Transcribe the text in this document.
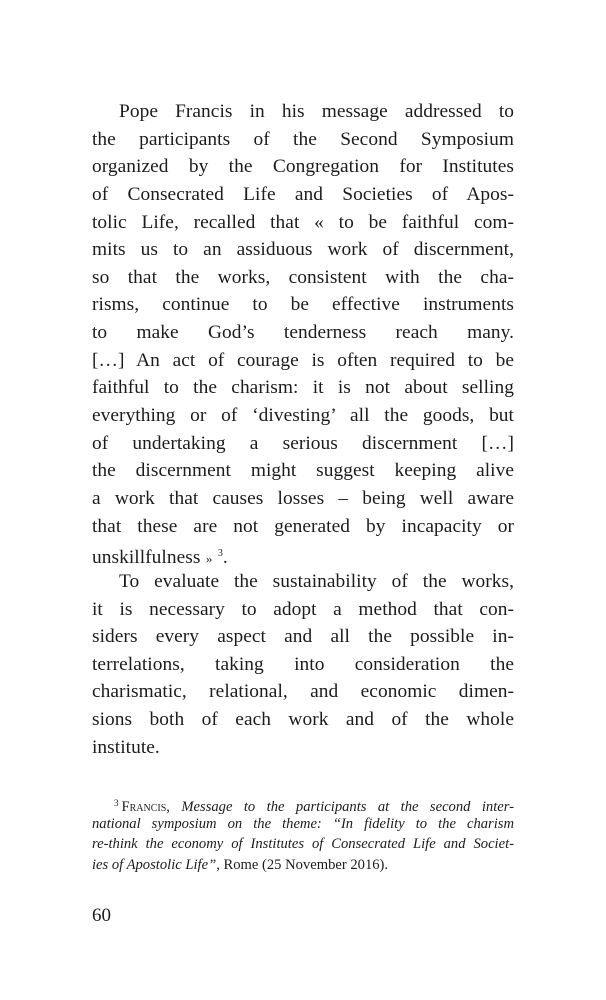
Pope Francis in his message addressed to
the participants of the Second Symposium
organized by the Congregation for Institutes
of Consecrated Life and Societies of Apos-
tolic Life, recalled that « to be faithful com-
mits us to an assiduous work of discernment,
so that the works, consistent with the cha-
risms, continue to be effective instruments
to make God’s tenderness reach many.
[…] An act of courage is often required to be
faithful to the charism: it is not about selling
everything or of ‘divesting’ all the goods, but
of undertaking a serious discernment […]
the discernment might suggest keeping alive
a work that causes losses – being well aware
that these are not generated by incapacity or
unskillfulness » $^3$.

To evaluate the sustainability of the works,
it is necessary to adopt a method that con-
siders every aspect and all the possible in-
terrelations, taking into consideration the
charismatic, relational, and economic dimen-
sions both of each work and of the whole
institute.

$^3$ Francis, Message to the participants at the second inter-
national symposium on the theme: “In fidelity to the charism
re-think the economy of Institutes of Consecrated Life and Societ-
ies of Apostolic Life”, Rome (25 November 2016).
60
